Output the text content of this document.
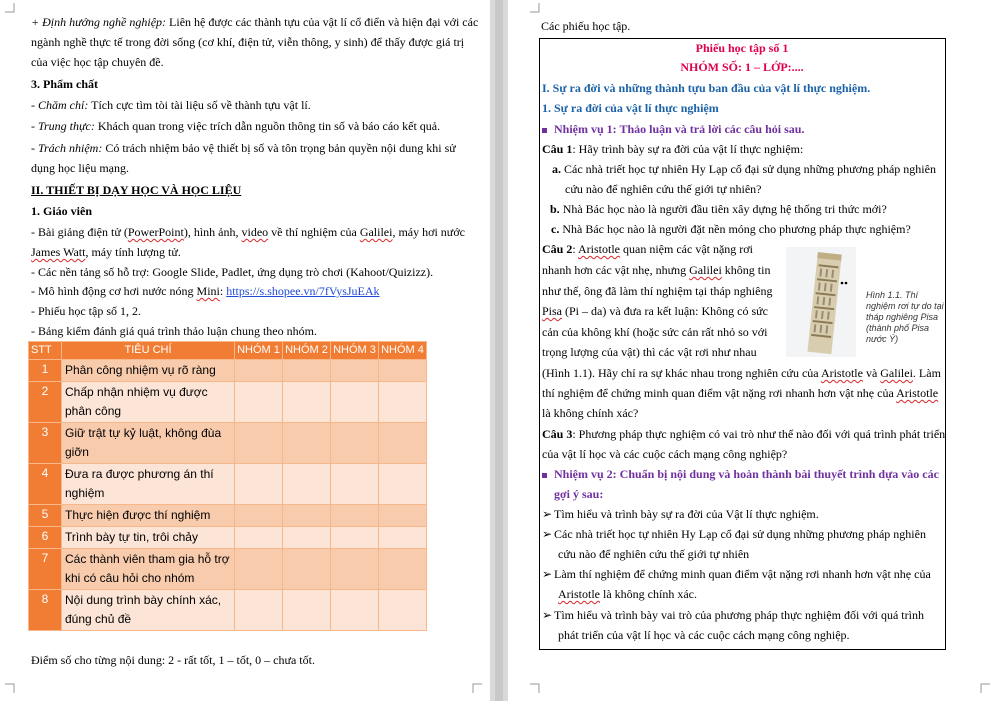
+ Định hướng nghề nghiệp: Liên hệ được các thành tựu của vật lí cổ điển và hiện đại với các
ngành nghề thực tế trong đời sống (cơ khí, điện tử, viễn thông, y sinh) để thấy được giá trị
của việc học tập chuyên đề.
3. Phẩm chất
- Chăm chỉ: Tích cực tìm tòi tài liệu số về thành tựu vật lí.
- Trung thực: Khách quan trong việc trích dẫn nguồn thông tin số và báo cáo kết quả.
- Trách nhiệm: Có trách nhiệm bảo vệ thiết bị số và tôn trọng bản quyền nội dung khi sử
dụng học liệu mạng.
II. THIẾT BỊ DẠY HỌC VÀ HỌC LIỆU
1. Giáo viên
- Bài giảng điện tử (PowerPoint), hình ảnh, video về thí nghiệm của Galilei, máy hơi nước
James Watt, máy tính lượng tử.
- Các nền tảng số hỗ trợ: Google Slide, Padlet, ứng dụng trò chơi (Kahoot/Quizizz).
- Mô hình động cơ hơi nước nóng Mini: https://s.shopee.vn/7fVysJuEAk
- Phiếu học tập số 1, 2.
- Bảng kiểm đánh giá quá trình thảo luận chung theo nhóm.
STT	TIÊU CHÍ	NHÓM 1	NHÓM 2	NHÓM 3	NHÓM 4
1	Phân công nhiệm vụ rõ ràng				
2	Chấp nhận nhiệm vụ được phân công				
3	Giữ trật tự kỷ luật, không đùa giỡn				
4	Đưa ra được phương án thí nghiệm				
5	Thực hiện được thí nghiệm				
6	Trình bày tự tin, trôi chảy				
7	Các thành viên tham gia hỗ trợ khi có câu hỏi cho nhóm				
8	Nội dung trình bày chính xác, đúng chủ đề				
Điểm số cho từng nội dung: 2 - rất tốt, 1 – tốt, 0 – chưa tốt.
Các phiếu học tập.
Phiếu học tập số 1
NHÓM SỐ: 1 – LỚP:....
I. Sự ra đời và những thành tựu ban đầu của vật lí thực nghiệm.
1. Sự ra đời của vật lí thực nghiệm
Nhiệm vụ 1: Thảo luận và trả lời các câu hỏi sau.
Câu 1: Hãy trình bày sự ra đời của vật lí thực nghiệm:
a. Các nhà triết học tự nhiên Hy Lạp cổ đại sử dụng những phương pháp nghiên
cứu nào để nghiên cứu thế giới tự nhiên?
b. Nhà Bác học nào là người đầu tiên xây dựng hệ thống tri thức mới?
c. Nhà Bác học nào là người đặt nền móng cho phương pháp thực nghiệm?
Câu 2: Aristotle quan niệm các vật nặng rơi
nhanh hơn các vật nhẹ, nhưng Galilei không tin
như thế, ông đã làm thí nghiệm tại tháp nghiêng
Pisa (Pi – da) và đưa ra kết luận: Không có sức
cản của không khí (hoặc sức cản rất nhỏ so với
trọng lượng của vật) thì các vật rơi như nhau
(Hình 1.1). Hãy chỉ ra sự khác nhau trong nghiên cứu của Aristotle và Galilei. Làm
thí nghiệm để chứng minh quan điểm vật nặng rơi nhanh hơn vật nhẹ của Aristotle
là không chính xác?
Hình 1.1. Thí nghiệm rơi tự do tại tháp nghiêng Pisa (thành phố Pisa nước Ý)
Câu 3: Phương pháp thực nghiệm có vai trò như thế nào đối với quá trình phát triển
của vật lí học và các cuộc cách mạng công nghiệp?
Nhiệm vụ 2: Chuẩn bị nội dung và hoàn thành bài thuyết trình dựa vào các
gợi ý sau:
➢ Tìm hiểu và trình bày sự ra đời của Vật lí thực nghiệm.
➢ Các nhà triết học tự nhiên Hy Lạp cổ đại sử dụng những phương pháp nghiên
cứu nào để nghiên cứu thế giới tự nhiên
➢ Làm thí nghiệm để chứng minh quan điểm vật nặng rơi nhanh hơn vật nhẹ của
Aristotle là không chính xác.
➢ Tìm hiểu và trình bày vai trò của phương pháp thực nghiệm đối với quá trình
phát triển của vật lí học và các cuộc cách mạng công nghiệp.
